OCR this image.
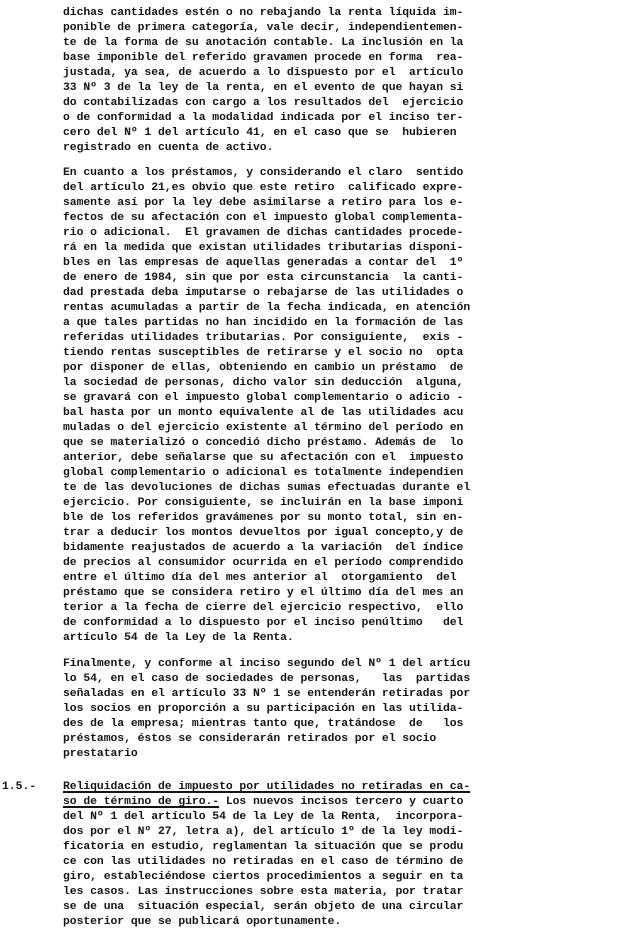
dichas cantidades estén o no rebajando la renta líquida im-
ponible de primera categoría, vale decir, independientemen-
te de la forma de su anotación contable. La inclusión en la
base imponible del referido gravamen procede en forma  rea-
justada, ya sea, de acuerdo a lo dispuesto por el  artículo
33 Nº 3 de la ley de la renta, en el evento de que hayan si
do contabilizadas con cargo a los resultados del  ejercicio
o de conformidad a la modalidad indicada por el inciso ter-
cero del Nº 1 del artículo 41, en el caso que se  hubieren
registrado en cuenta de activo.
En cuanto a los préstamos, y considerando el claro  sentido
del artículo 21,es obvio que este retiro  calificado expre-
samente así por la ley debe asimilarse a retiro para los e-
fectos de su afectación con el impuesto global complementa-
rio o adicional.  El gravamen de dichas cantidades procede-
rá en la medida que existan utilidades tributarias disponi-
bles en las empresas de aquellas generadas a contar del  1º
de enero de 1984, sin que por esta circunstancia  la canti-
dad prestada deba imputarse o rebajarse de las utilidades o
rentas acumuladas a partir de la fecha indicada, en atención
a que tales partidas no han incidido en la formación de las
referidas utilidades tributarias. Por consiguiente,  exis -
tiendo rentas susceptibles de retirarse y el socio no  opta
por disponer de ellas, obteniendo en cambio un préstamo  de
la sociedad de personas, dicho valor sin deducción  alguna,
se gravará con el impuesto global complementario o adicio -
bal hasta por un monto equivalente al de las utilidades acu
muladas o del ejercicio existente al término del período en
que se materializó o concedió dicho préstamo. Además de  lo
anterior, debe señalarse que su afectación con el  impuesto
global complementario o adicional es totalmente independien
te de las devoluciones de dichas sumas efectuadas durante el
ejercicio. Por consiguiente, se incluirán en la base imponi
ble de los referidos gravámenes por su monto total, sin en-
trar a deducir los montos devueltos por igual concepto,y de
bidamente reajustados de acuerdo a la variación  del índice
de precios al consumidor ocurrida en el período comprendido
entre el último día del mes anterior al  otorgamiento  del
préstamo que se considera retiro y el último día del mes an
terior a la fecha de cierre del ejercicio respectivo,  ello
de conformidad a lo dispuesto por el inciso penúltimo   del
artículo 54 de la Ley de la Renta.
Finalmente, y conforme al inciso segundo del Nº 1 del artícu
lo 54, en el caso de sociedades de personas,   las  partidas
señaladas en el artículo 33 Nº 1 se entenderán retiradas por
los socios en proporción a su participación en las utilida-
des de la empresa; mientras tanto que, tratándose  de   los
préstamos, éstos se considerarán retirados por el socio
prestatario
1.5.- Reliquidación de impuesto por utilidades no retiradas en ca-
so de término de giro.- Los nuevos incisos tercero y cuarto
del Nº 1 del artículo 54 de la Ley de la Renta,  incorpora-
dos por el Nº 27, letra a), del artículo 1º de la ley modi-
ficatoria en estudio, reglamentan la situación que se produ
ce con las utilidades no retiradas en el caso de término de
giro, estableciéndose ciertos procedimientos a seguir en ta
les casos. Las instrucciones sobre esta materia, por tratar
se de una  situación especial, serán objeto de una circular
posterior que se publicará oportunamente.
